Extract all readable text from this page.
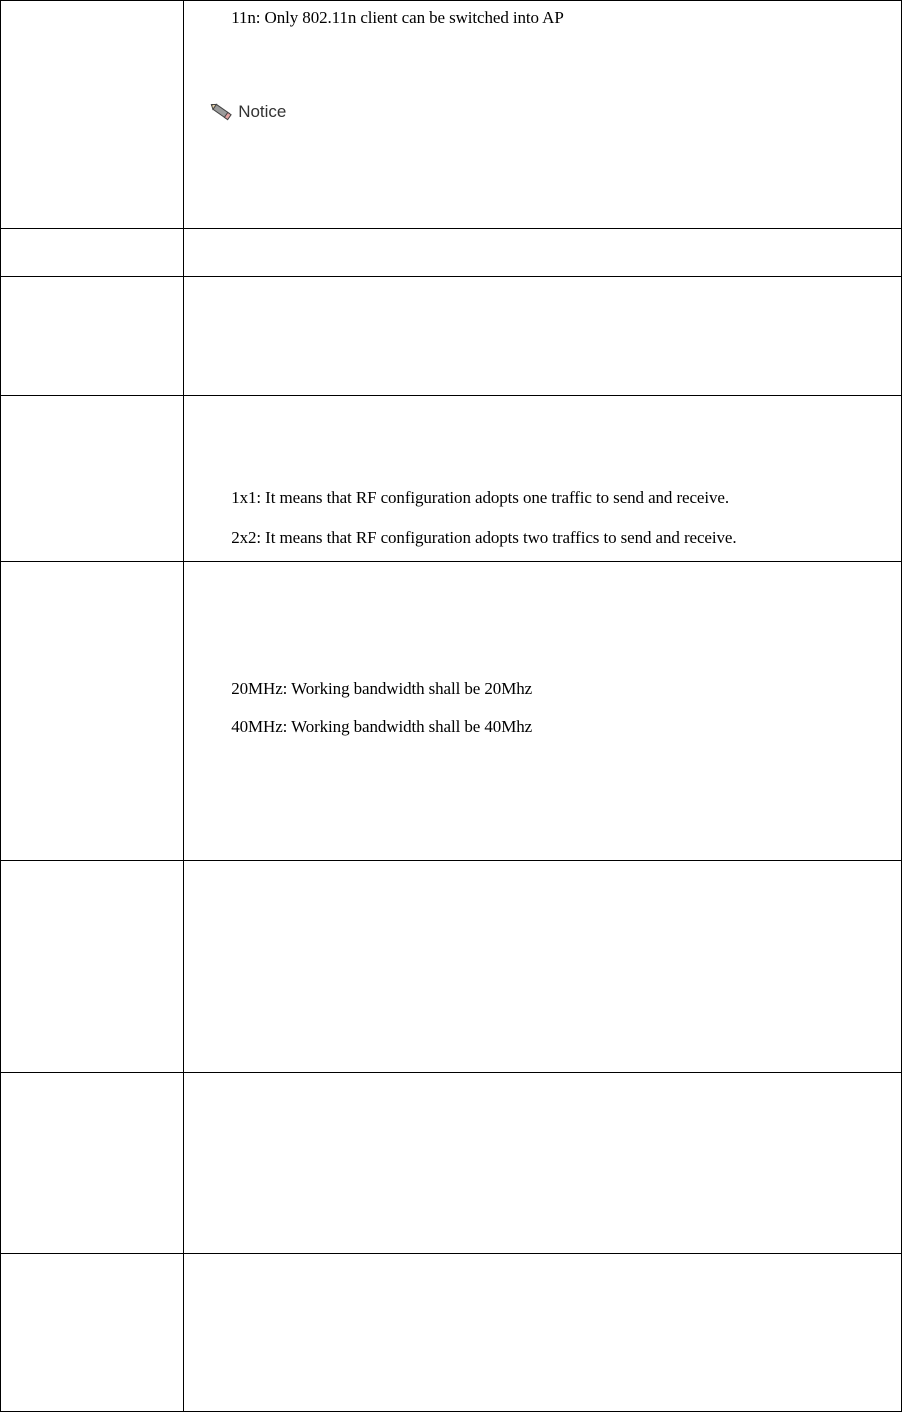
	11n: Only 802.11n client can be switched into AP
Notice

	1x1: It means that RF configuration adopts one traffic to send and receive.
2x2: It means that RF configuration adopts two traffics to send and receive.

	20MHz: Working bandwidth shall be 20Mhz
40MHz: Working bandwidth shall be 40Mhz
